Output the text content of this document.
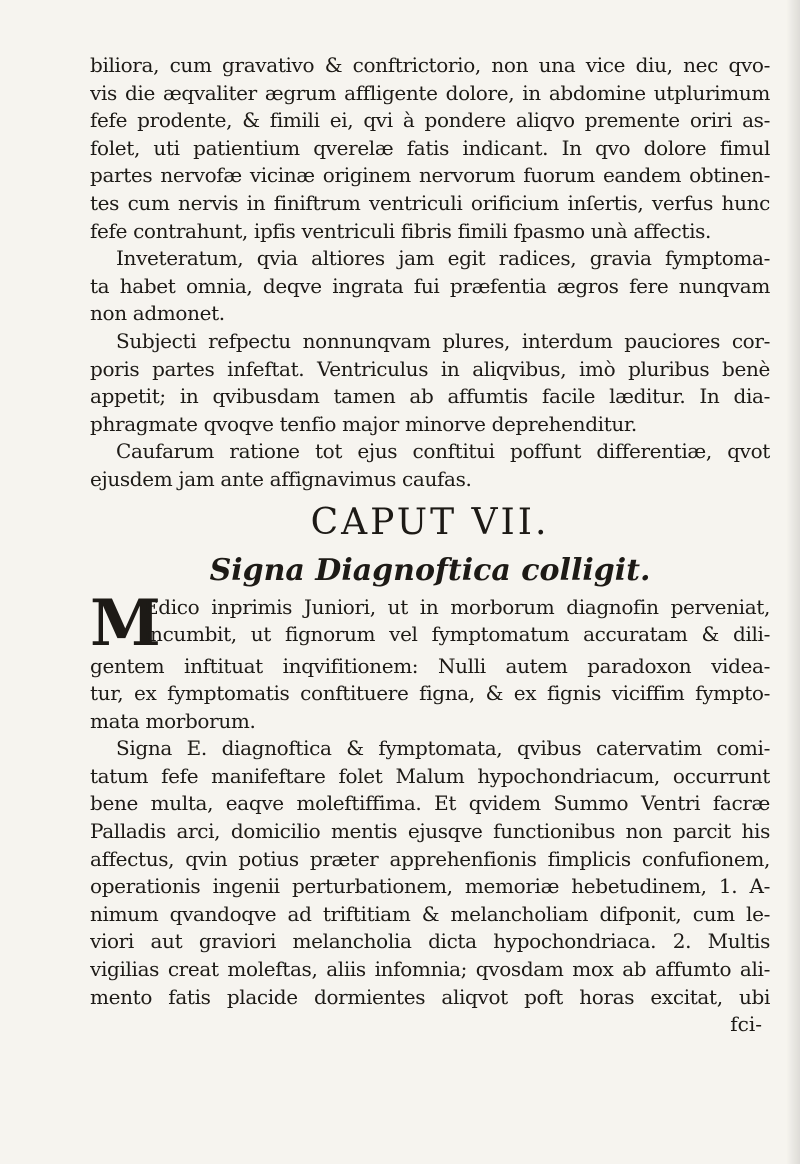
biliora, cum gravativo & conftrictorio, non una vice diu, nec qvo-
vis die æqvaliter ægrum affligente dolore, in abdomine utplurimum
fefe prodente, & fimili ei, qvi à pondere aliqvo premente oriri as-
folet, uti patientium qverelæ fatis indicant. In qvo dolore fimul
partes nervofæ vicinæ originem nervorum fuorum eandem obtinen-
tes cum nervis in finiftrum ventriculi orificium inſertis, verfus hunc
fefe contrahunt, ipfis ventriculi fibris fimili fpasmo unà affectis.
Inveteratum, qvia altiores jam egit radices, gravia fymptoma-
ta habet omnia, deqve ingrata fui præfentia ægros fere nunqvam
non admonet.
Subjecti refpectu nonnunqvam plures, interdum pauciores cor-
poris partes infeftat. Ventriculus in aliqvibus, imò pluribus benè
appetit; in qvibusdam tamen ab affumtis facile læditur. In dia-
phragmate qvoqve tenfio major minorve deprehenditur.
Caufarum ratione tot ejus conftitui poffunt differentiæ, qvot
ejusdem jam ante affignavimus caufas.
CAPUT VII.
Signa Diagnoftica colligit.
M
Edico inprimis Juniori, ut in morborum diagnofin perveniat,
incumbit, ut fignorum vel fymptomatum accuratam & dili-
gentem inftituat inqvifitionem: Nulli autem paradoxon videa-
tur, ex fymptomatis conftituere figna, & ex fignis viciffim fympto-
mata morborum.
Signa E. diagnoftica & fymptomata, qvibus catervatim comi-
tatum fefe manifeftare folet Malum hypochondriacum, occurrunt
bene multa, eaqve moleftiffima. Et qvidem Summo Ventri facræ
Palladis arci, domicilio mentis ejusqve functionibus non parcit his
affectus, qvin potius præter apprehenfionis fimplicis confufionem,
operationis ingenii perturbationem, memoriæ hebetudinem, 1. A-
nimum qvandoqve ad triftitiam & melancholiam difponit, cum le-
viori aut graviori melancholia dicta hypochondriaca. 2. Multis
vigilias creat moleftas, aliis infomnia; qvosdam mox ab affumto ali-
mento fatis placide dormientes aliqvot poft horas excitat, ubi
fci-
